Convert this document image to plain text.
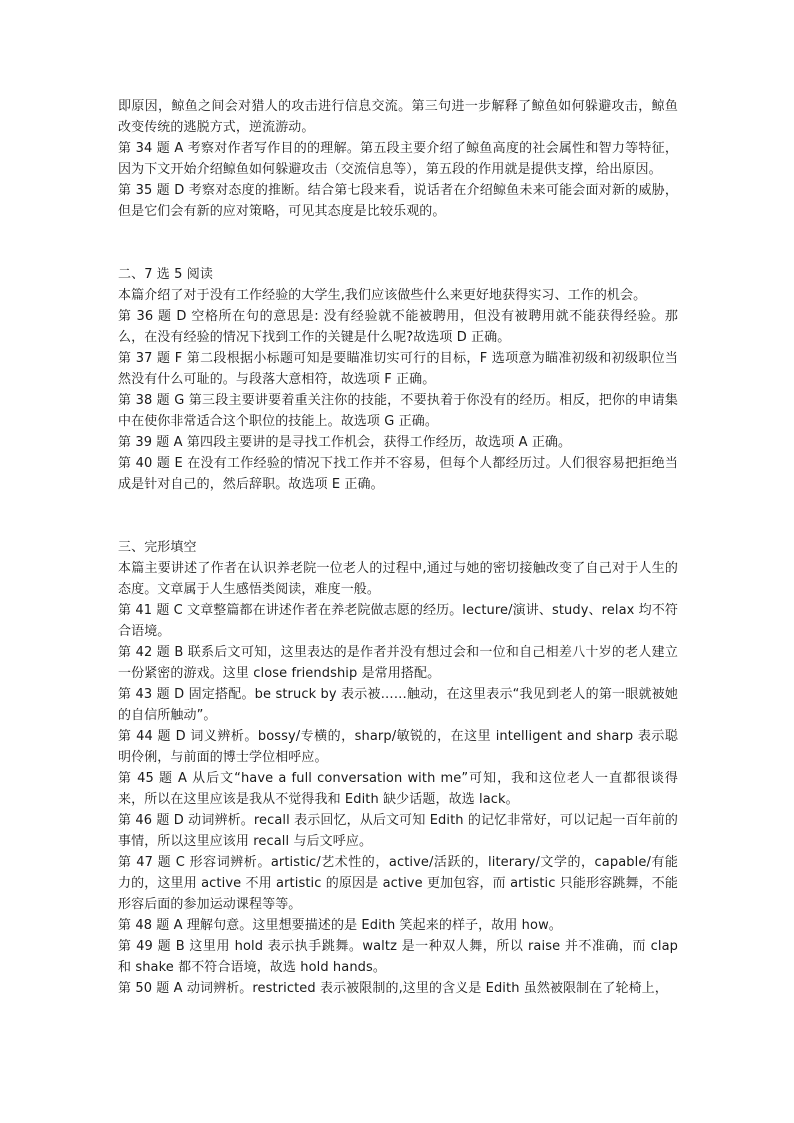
即原因，鲸鱼之间会对猎人的攻击进行信息交流。第三句进一步解释了鲸鱼如何躲避攻击，鲸鱼改变传统的逃脱方式，逆流游动。

第 34 题 A 考察对作者写作目的的理解。第五段主要介绍了鲸鱼高度的社会属性和智力等特征，因为下文开始介绍鲸鱼如何躲避攻击（交流信息等），第五段的作用就是提供支撑，给出原因。

第 35 题 D 考察对态度的推断。结合第七段来看，说话者在介绍鲸鱼未来可能会面对新的威胁，但是它们会有新的应对策略，可见其态度是比较乐观的。

二、7 选 5 阅读

本篇介绍了对于没有工作经验的大学生,我们应该做些什么来更好地获得实习、工作的机会。

第 36 题 D 空格所在句的意思是: 没有经验就不能被聘用，但没有被聘用就不能获得经验。那么，在没有经验的情况下找到工作的关键是什么呢?故选项 D 正确。

第 37 题 F 第二段根据小标题可知是要瞄准切实可行的目标，F 选项意为瞄准初级和初级职位当然没有什么可耻的。与段落大意相符，故选项 F 正确。

第 38 题 G 第三段主要讲要着重关注你的技能，不要执着于你没有的经历。相反，把你的申请集中在使你非常适合这个职位的技能上。故选项 G 正确。

第 39 题 A 第四段主要讲的是寻找工作机会，获得工作经历，故选项 A 正确。

第 40 题 E 在没有工作经验的情况下找工作并不容易，但每个人都经历过。人们很容易把拒绝当成是针对自己的，然后辞职。故选项 E 正确。

三、完形填空

本篇主要讲述了作者在认识养老院一位老人的过程中,通过与她的密切接触改变了自己对于人生的态度。文章属于人生感悟类阅读，难度一般。

第 41 题 C 文章整篇都在讲述作者在养老院做志愿的经历。lecture/演讲、study、relax 均不符合语境。

第 42 题 B 联系后文可知，这里表达的是作者并没有想过会和一位和自己相差八十岁的老人建立一份紧密的游戏。这里 close friendship 是常用搭配。

第 43 题 D 固定搭配。be struck by 表示被……触动，在这里表示“我见到老人的第一眼就被她的自信所触动”。

第 44 题 D 词义辨析。bossy/专横的，sharp/敏锐的，在这里 intelligent and sharp 表示聪明伶俐，与前面的博士学位相呼应。

第 45 题 A 从后文“have a full conversation with me”可知，我和这位老人一直都很谈得来，所以在这里应该是我从不觉得我和 Edith 缺少话题，故选 lack。

第 46 题 D 动词辨析。recall 表示回忆，从后文可知 Edith 的记忆非常好，可以记起一百年前的事情，所以这里应该用 recall 与后文呼应。

第 47 题 C 形容词辨析。artistic/艺术性的，active/活跃的，literary/文学的，capable/有能力的，这里用 active 不用 artistic 的原因是 active 更加包容，而 artistic 只能形容跳舞，不能形容后面的参加运动课程等等。

第 48 题 A 理解句意。这里想要描述的是 Edith 笑起来的样子，故用 how。

第 49 题 B 这里用 hold 表示执手跳舞。waltz 是一种双人舞，所以 raise 并不准确，而 clap 和 shake 都不符合语境，故选 hold hands。

第 50 题 A 动词辨析。restricted 表示被限制的,这里的含义是 Edith 虽然被限制在了轮椅上，
